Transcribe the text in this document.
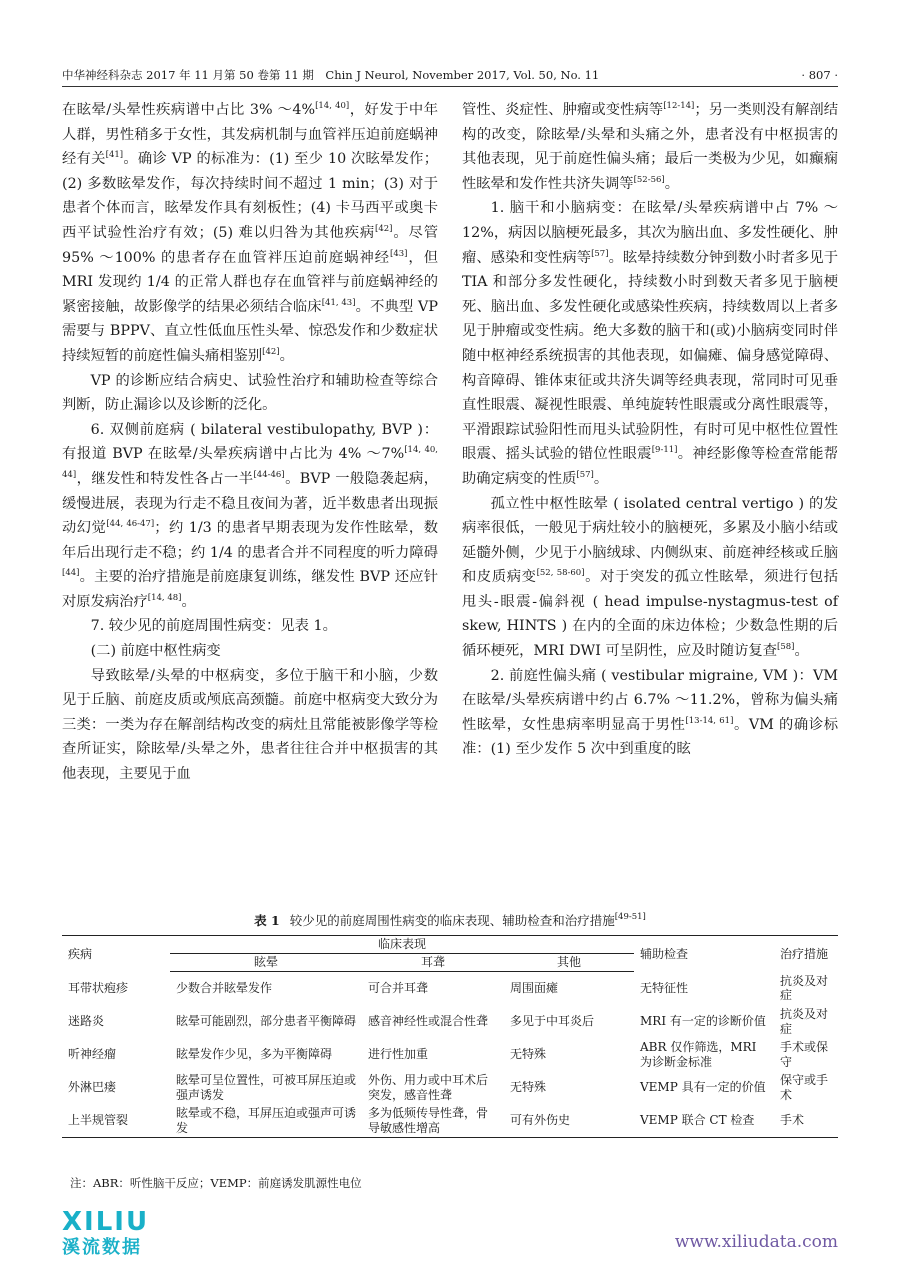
中华神经科杂志 2017 年 11 月第 50 卷第 11 期　Chin J Neurol, November 2017, Vol. 50, No. 11	· 807 ·

在眩晕/头晕性疾病谱中占比 3% ～4%[14, 40]，好发于中年人群，男性稍多于女性，其发病机制与血管袢压迫前庭蜗神经有关[41]。确诊 VP 的标准为：(1) 至少 10 次眩晕发作；(2) 多数眩晕发作，每次持续时间不超过 1 min；(3) 对于患者个体而言，眩晕发作具有刻板性；(4) 卡马西平或奥卡西平试验性治疗有效；(5) 难以归咎为其他疾病[42]。尽管 95% ～100% 的患者存在血管袢压迫前庭蜗神经[43]，但 MRI 发现约 1/4 的正常人群也存在血管袢与前庭蜗神经的紧密接触，故影像学的结果必须结合临床[41, 43]。不典型 VP 需要与 BPPV、直立性低血压性头晕、惊恐发作和少数症状持续短暂的前庭性偏头痛相鉴别[42]。

VP 的诊断应结合病史、试验性治疗和辅助检查等综合判断，防止漏诊以及诊断的泛化。

6. 双侧前庭病 ( bilateral vestibulopathy, BVP )：有报道 BVP 在眩晕/头晕疾病谱中占比为 4% ～7%[14, 40, 44]，继发性和特发性各占一半[44-46]。BVP 一般隐袭起病，缓慢进展，表现为行走不稳且夜间为著，近半数患者出现振动幻觉[44, 46-47]；约 1/3 的患者早期表现为发作性眩晕，数年后出现行走不稳；约 1/4 的患者合并不同程度的听力障碍[44]。主要的治疗措施是前庭康复训练，继发性 BVP 还应针对原发病治疗[14, 48]。

7. 较少见的前庭周围性病变：见表 1。

(二) 前庭中枢性病变

导致眩晕/头晕的中枢病变，多位于脑干和小脑，少数见于丘脑、前庭皮质或颅底高颈髓。前庭中枢病变大致分为三类：一类为存在解剖结构改变的病灶且常能被影像学等检查所证实，除眩晕/头晕之外，患者往往合并中枢损害的其他表现，主要见于血

管性、炎症性、肿瘤或变性病等[12-14]；另一类则没有解剖结构的改变，除眩晕/头晕和头痛之外，患者没有中枢损害的其他表现，见于前庭性偏头痛；最后一类极为少见，如癫痫性眩晕和发作性共济失调等[52-56]。

1. 脑干和小脑病变：在眩晕/头晕疾病谱中占 7% ～12%，病因以脑梗死最多，其次为脑出血、多发性硬化、肿瘤、感染和变性病等[57]。眩晕持续数分钟到数小时者多见于 TIA 和部分多发性硬化，持续数小时到数天者多见于脑梗死、脑出血、多发性硬化或感染性疾病，持续数周以上者多见于肿瘤或变性病。绝大多数的脑干和(或)小脑病变同时伴随中枢神经系统损害的其他表现，如偏瘫、偏身感觉障碍、构音障碍、锥体束征或共济失调等经典表现，常同时可见垂直性眼震、凝视性眼震、单纯旋转性眼震或分离性眼震等，平滑跟踪试验阳性而甩头试验阴性，有时可见中枢性位置性眼震、摇头试验的错位性眼震[9-11]。神经影像等检查常能帮助确定病变的性质[57]。

孤立性中枢性眩晕 ( isolated central vertigo ) 的发病率很低，一般见于病灶较小的脑梗死，多累及小脑小结或延髓外侧，少见于小脑绒球、内侧纵束、前庭神经核或丘脑和皮质病变[52, 58-60]。对于突发的孤立性眩晕，须进行包括甩头-眼震-偏斜视 ( head impulse-nystagmus-test of skew, HINTS ) 在内的全面的床边体检；少数急性期的后循环梗死，MRI DWI 可呈阴性，应及时随访复查[58]。

2. 前庭性偏头痛 ( vestibular migraine, VM )：VM 在眩晕/头晕疾病谱中约占 6.7% ～11.2%，曾称为偏头痛性眩晕，女性患病率明显高于男性[13-14, 61]。VM 的确诊标准：(1) 至少发作 5 次中到重度的眩

表 1 较少见的前庭周围性病变的临床表现、辅助检查和治疗措施[49-51]
疾病	临床表现			辅助检查	治疗措施
	眩晕	耳聋	其他		
耳带状疱疹	少数合并眩晕发作	可合并耳聋	周围面瘫	无特征性	抗炎及对症
迷路炎	眩晕可能剧烈，部分患者平衡障碍	感音神经性或混合性聋	多见于中耳炎后	MRI 有一定的诊断价值	抗炎及对症
听神经瘤	眩晕发作少见，多为平衡障碍	进行性加重	无特殊	ABR 仅作筛选，MRI 为诊断金标准	手术或保守
外淋巴瘘	眩晕可呈位置性，可被耳屏压迫或强声诱发	外伤、用力或中耳术后突发，感音性聋	无特殊	VEMP 具有一定的价值	保守或手术
上半规管裂	眩晕或不稳，耳屏压迫或强声可诱发	多为低频传导性聋，骨导敏感性增高	可有外伤史	VEMP 联合 CT 检查	手术
注：ABR：听性脑干反应；VEMP：前庭诱发肌源性电位
XILIU
溪流数据	www.xiliudata.com
